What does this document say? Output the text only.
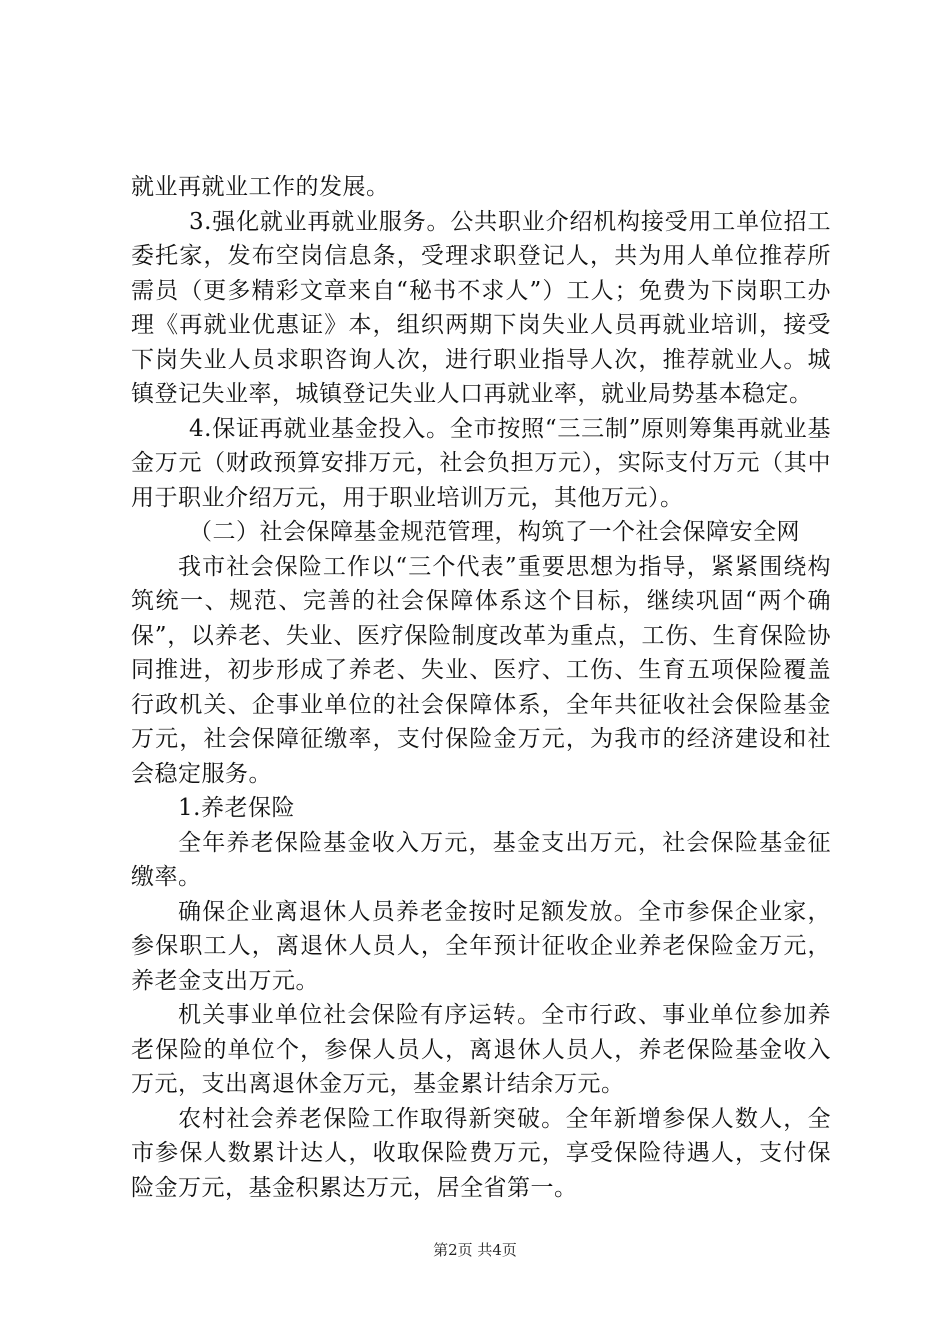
就业再就业工作的发展。

3.强化就业再就业服务。公共职业介绍机构接受用工单位招工委托家，发布空岗信息条，受理求职登记人，共为用人单位推荐所需员（更多精彩文章来自“秘书不求人”）工人；免费为下岗职工办理《再就业优惠证》本，组织两期下岗失业人员再就业培训，接受下岗失业人员求职咨询人次，进行职业指导人次，推荐就业人。城镇登记失业率，城镇登记失业人口再就业率，就业局势基本稳定。

4.保证再就业基金投入。全市按照“三三制”原则筹集再就业基金万元（财政预算安排万元，社会负担万元），实际支付万元（其中用于职业介绍万元，用于职业培训万元，其他万元）。

（二）社会保障基金规范管理，构筑了一个社会保障安全网

我市社会保险工作以“三个代表”重要思想为指导，紧紧围绕构筑统一、规范、完善的社会保障体系这个目标，继续巩固“两个确保”，以养老、失业、医疗保险制度改革为重点，工伤、生育保险协同推进，初步形成了养老、失业、医疗、工伤、生育五项保险覆盖行政机关、企事业单位的社会保障体系，全年共征收社会保险基金万元，社会保障征缴率，支付保险金万元，为我市的经济建设和社会稳定服务。

1.养老保险

全年养老保险基金收入万元，基金支出万元，社会保险基金征缴率。

确保企业离退休人员养老金按时足额发放。全市参保企业家，参保职工人，离退休人员人，全年预计征收企业养老保险金万元，养老金支出万元。

机关事业单位社会保险有序运转。全市行政、事业单位参加养老保险的单位个，参保人员人，离退休人员人，养老保险基金收入万元，支出离退休金万元，基金累计结余万元。

农村社会养老保险工作取得新突破。全年新增参保人数人，全市参保人数累计达人，收取保险费万元，享受保险待遇人，支付保险金万元，基金积累达万元，居全省第一。

第2页 共4页
